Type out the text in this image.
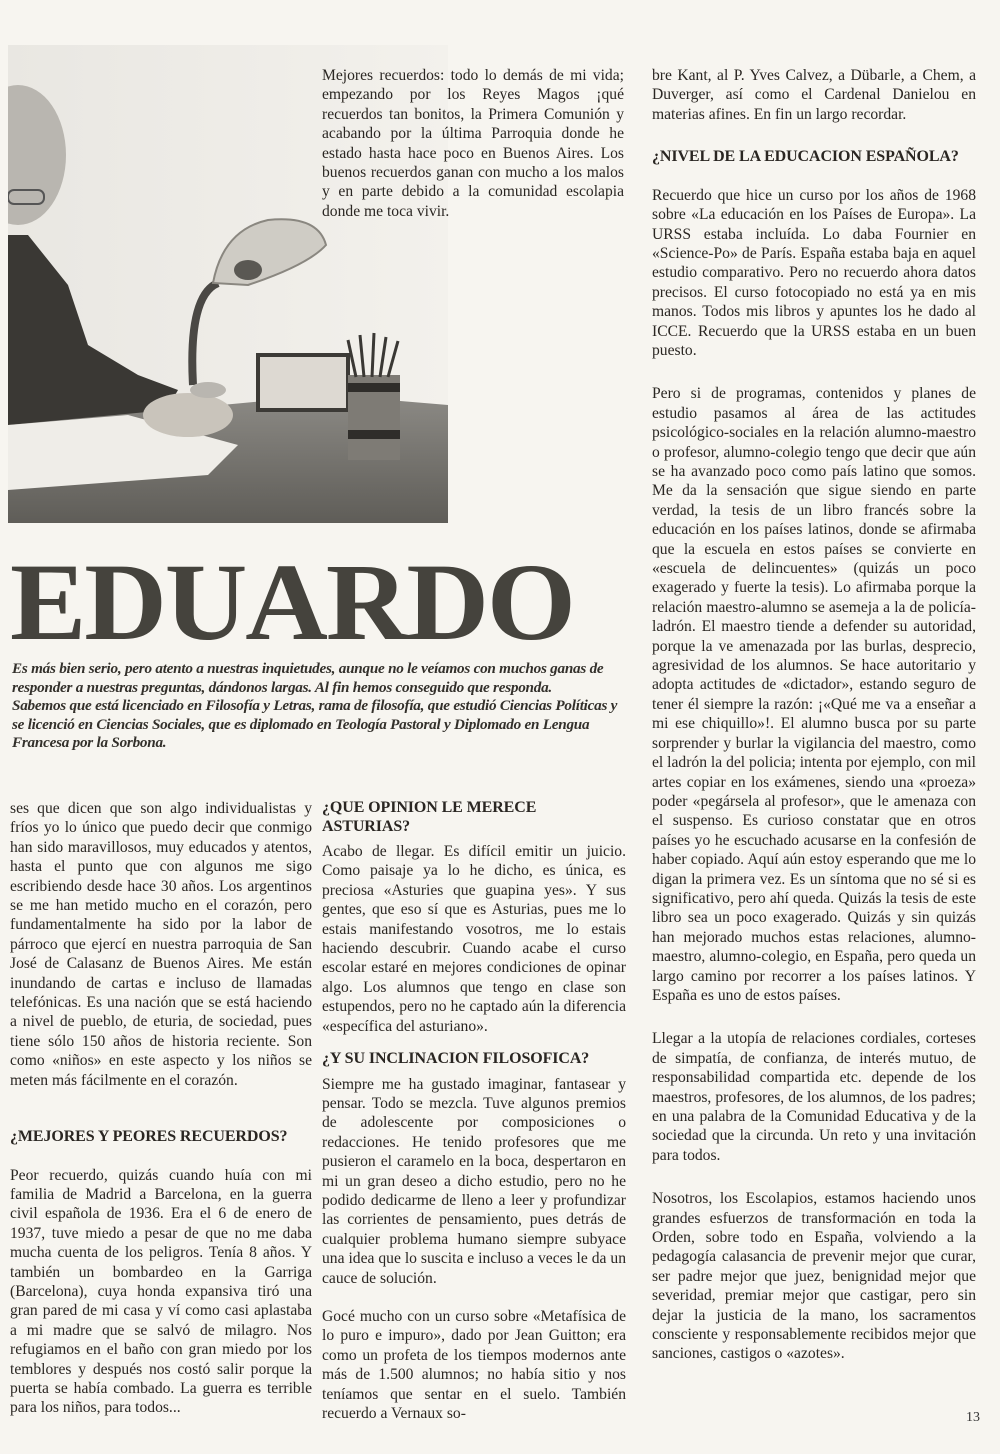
Mejores recuerdos: todo lo demás de mi vida; empezando por los Reyes Magos ¡qué recuerdos tan bonitos, la Primera Comunión y acabando por la última Parroquia donde he estado hasta hace poco en Buenos Aires. Los buenos recuerdos ganan con mucho a los malos y en parte debido a la comunidad escolapia donde me toca vivir.

EDUARDO

Es más bien serio, pero atento a nuestras inquietudes, aunque no le veíamos con muchos ganas de responder a nuestras preguntas, dándonos largas. Al fin hemos conseguido que responda.

Sabemos que está licenciado en Filosofía y Letras, rama de filosofía, que estudió Ciencias Políticas y se licenció en Ciencias Sociales, que es diplomado en Teología Pastoral y Diplomado en Lengua Francesa por la Sorbona.

ses que dicen que son algo individualistas y fríos yo lo único que puedo decir que conmigo han sido maravillosos, muy educados y atentos, hasta el punto que con algunos me sigo escribiendo desde hace 30 años. Los argentinos se me han metido mucho en el corazón, pero fundamentalmente ha sido por la labor de párroco que ejercí en nuestra parroquia de San José de Calasanz de Buenos Aires. Me están inundando de cartas e incluso de llamadas telefónicas. Es una nación que se está haciendo a nivel de pueblo, de eturia, de sociedad, pues tiene sólo 150 años de historia reciente. Son como «niños» en este aspecto y los niños se meten más fácilmente en el corazón.

¿MEJORES Y PEORES RECUERDOS?

Peor recuerdo, quizás cuando huía con mi familia de Madrid a Barcelona, en la guerra civil española de 1936. Era el 6 de enero de 1937, tuve miedo a pesar de que no me daba mucha cuenta de los peligros. Tenía 8 años. Y también un bombardeo en la Garriga (Barcelona), cuya honda expansiva tiró una gran pared de mi casa y ví como casi aplastaba a mi madre que se salvó de milagro. Nos refugiamos en el baño con gran miedo por los temblores y después nos costó salir porque la puerta se había combado. La guerra es terrible para los niños, para todos...

¿QUE OPINION LE MERECE ASTURIAS?

Acabo de llegar. Es difícil emitir un juicio. Como paisaje ya lo he dicho, es única, es preciosa «Asturies que guapina yes». Y sus gentes, que eso sí que es Asturias, pues me lo estais manifestando vosotros, me lo estais haciendo descubrir. Cuando acabe el curso escolar estaré en mejores condiciones de opinar algo. Los alumnos que tengo en clase son estupendos, pero no he captado aún la diferencia «específica del asturiano».

¿Y SU INCLINACION FILOSOFICA?

Siempre me ha gustado imaginar, fantasear y pensar. Todo se mezcla. Tuve algunos premios de adolescente por composiciones o redacciones. He tenido profesores que me pusieron el caramelo en la boca, despertaron en mi un gran deseo a dicho estudio, pero no he podido dedicarme de lleno a leer y profundizar las corrientes de pensamiento, pues detrás de cualquier problema humano siempre subyace una idea que lo suscita e incluso a veces le da un cauce de solución.

Gocé mucho con un curso sobre «Metafísica de lo puro e impuro», dado por Jean Guitton; era como un profeta de los tiempos modernos ante más de 1.500 alumnos; no había sitio y nos teníamos que sentar en el suelo. También recuerdo a Vernaux so-

bre Kant, al P. Yves Calvez, a Dübarle, a Chem, a Duverger, así como el Cardenal Danielou en materias afines. En fin un largo recordar.

¿NIVEL DE LA EDUCACION ESPAÑOLA?

Recuerdo que hice un curso por los años de 1968 sobre «La educación en los Países de Europa». La URSS estaba incluída. Lo daba Fournier en «Science-Po» de París. España estaba baja en aquel estudio comparativo. Pero no recuerdo ahora datos precisos. El curso fotocopiado no está ya en mis manos. Todos mis libros y apuntes los he dado al ICCE. Recuerdo que la URSS estaba en un buen puesto.

Pero si de programas, contenidos y planes de estudio pasamos al área de las actitudes psicológico-sociales en la relación alumno-maestro o profesor, alumno-colegio tengo que decir que aún se ha avanzado poco como país latino que somos. Me da la sensación que sigue siendo en parte verdad, la tesis de un libro francés sobre la educación en los países latinos, donde se afirmaba que la escuela en estos países se convierte en «escuela de delincuentes» (quizás un poco exagerado y fuerte la tesis). Lo afirmaba porque la relación maestro-alumno se asemeja a la de policía-ladrón. El maestro tiende a defender su autoridad, porque la ve amenazada por las burlas, desprecio, agresividad de los alumnos. Se hace autoritario y adopta actitudes de «dictador», estando seguro de tener él siempre la razón: ¡«Qué me va a enseñar a mi ese chiquillo»!. El alumno busca por su parte sorprender y burlar la vigilancia del maestro, como el ladrón la del policia; intenta por ejemplo, con mil artes copiar en los exámenes, siendo una «proeza» poder «pegársela al profesor», que le amenaza con el suspenso. Es curioso constatar que en otros países yo he escuchado acusarse en la confesión de haber copiado. Aquí aún estoy esperando que me lo digan la primera vez. Es un síntoma que no sé si es significativo, pero ahí queda. Quizás la tesis de este libro sea un poco exagerado. Quizás y sin quizás han mejorado muchos estas relaciones, alumno-maestro, alumno-colegio, en España, pero queda un largo camino por recorrer a los países latinos. Y España es uno de estos países.

Llegar a la utopía de relaciones cordiales, corteses de simpatía, de confianza, de interés mutuo, de responsabilidad compartida etc. depende de los maestros, profesores, de los alumnos, de los padres; en una palabra de la Comunidad Educativa y de la sociedad que la circunda. Un reto y una invitación para todos.

Nosotros, los Escolapios, estamos haciendo unos grandes esfuerzos de transformación en toda la Orden, sobre todo en España, volviendo a la pedagogía calasancia de prevenir mejor que curar, ser padre mejor que juez, benignidad mejor que severidad, premiar mejor que castigar, pero sin dejar la justicia de la mano, los sacramentos consciente y responsablemente recibidos mejor que sanciones, castigos o «azotes».

13
